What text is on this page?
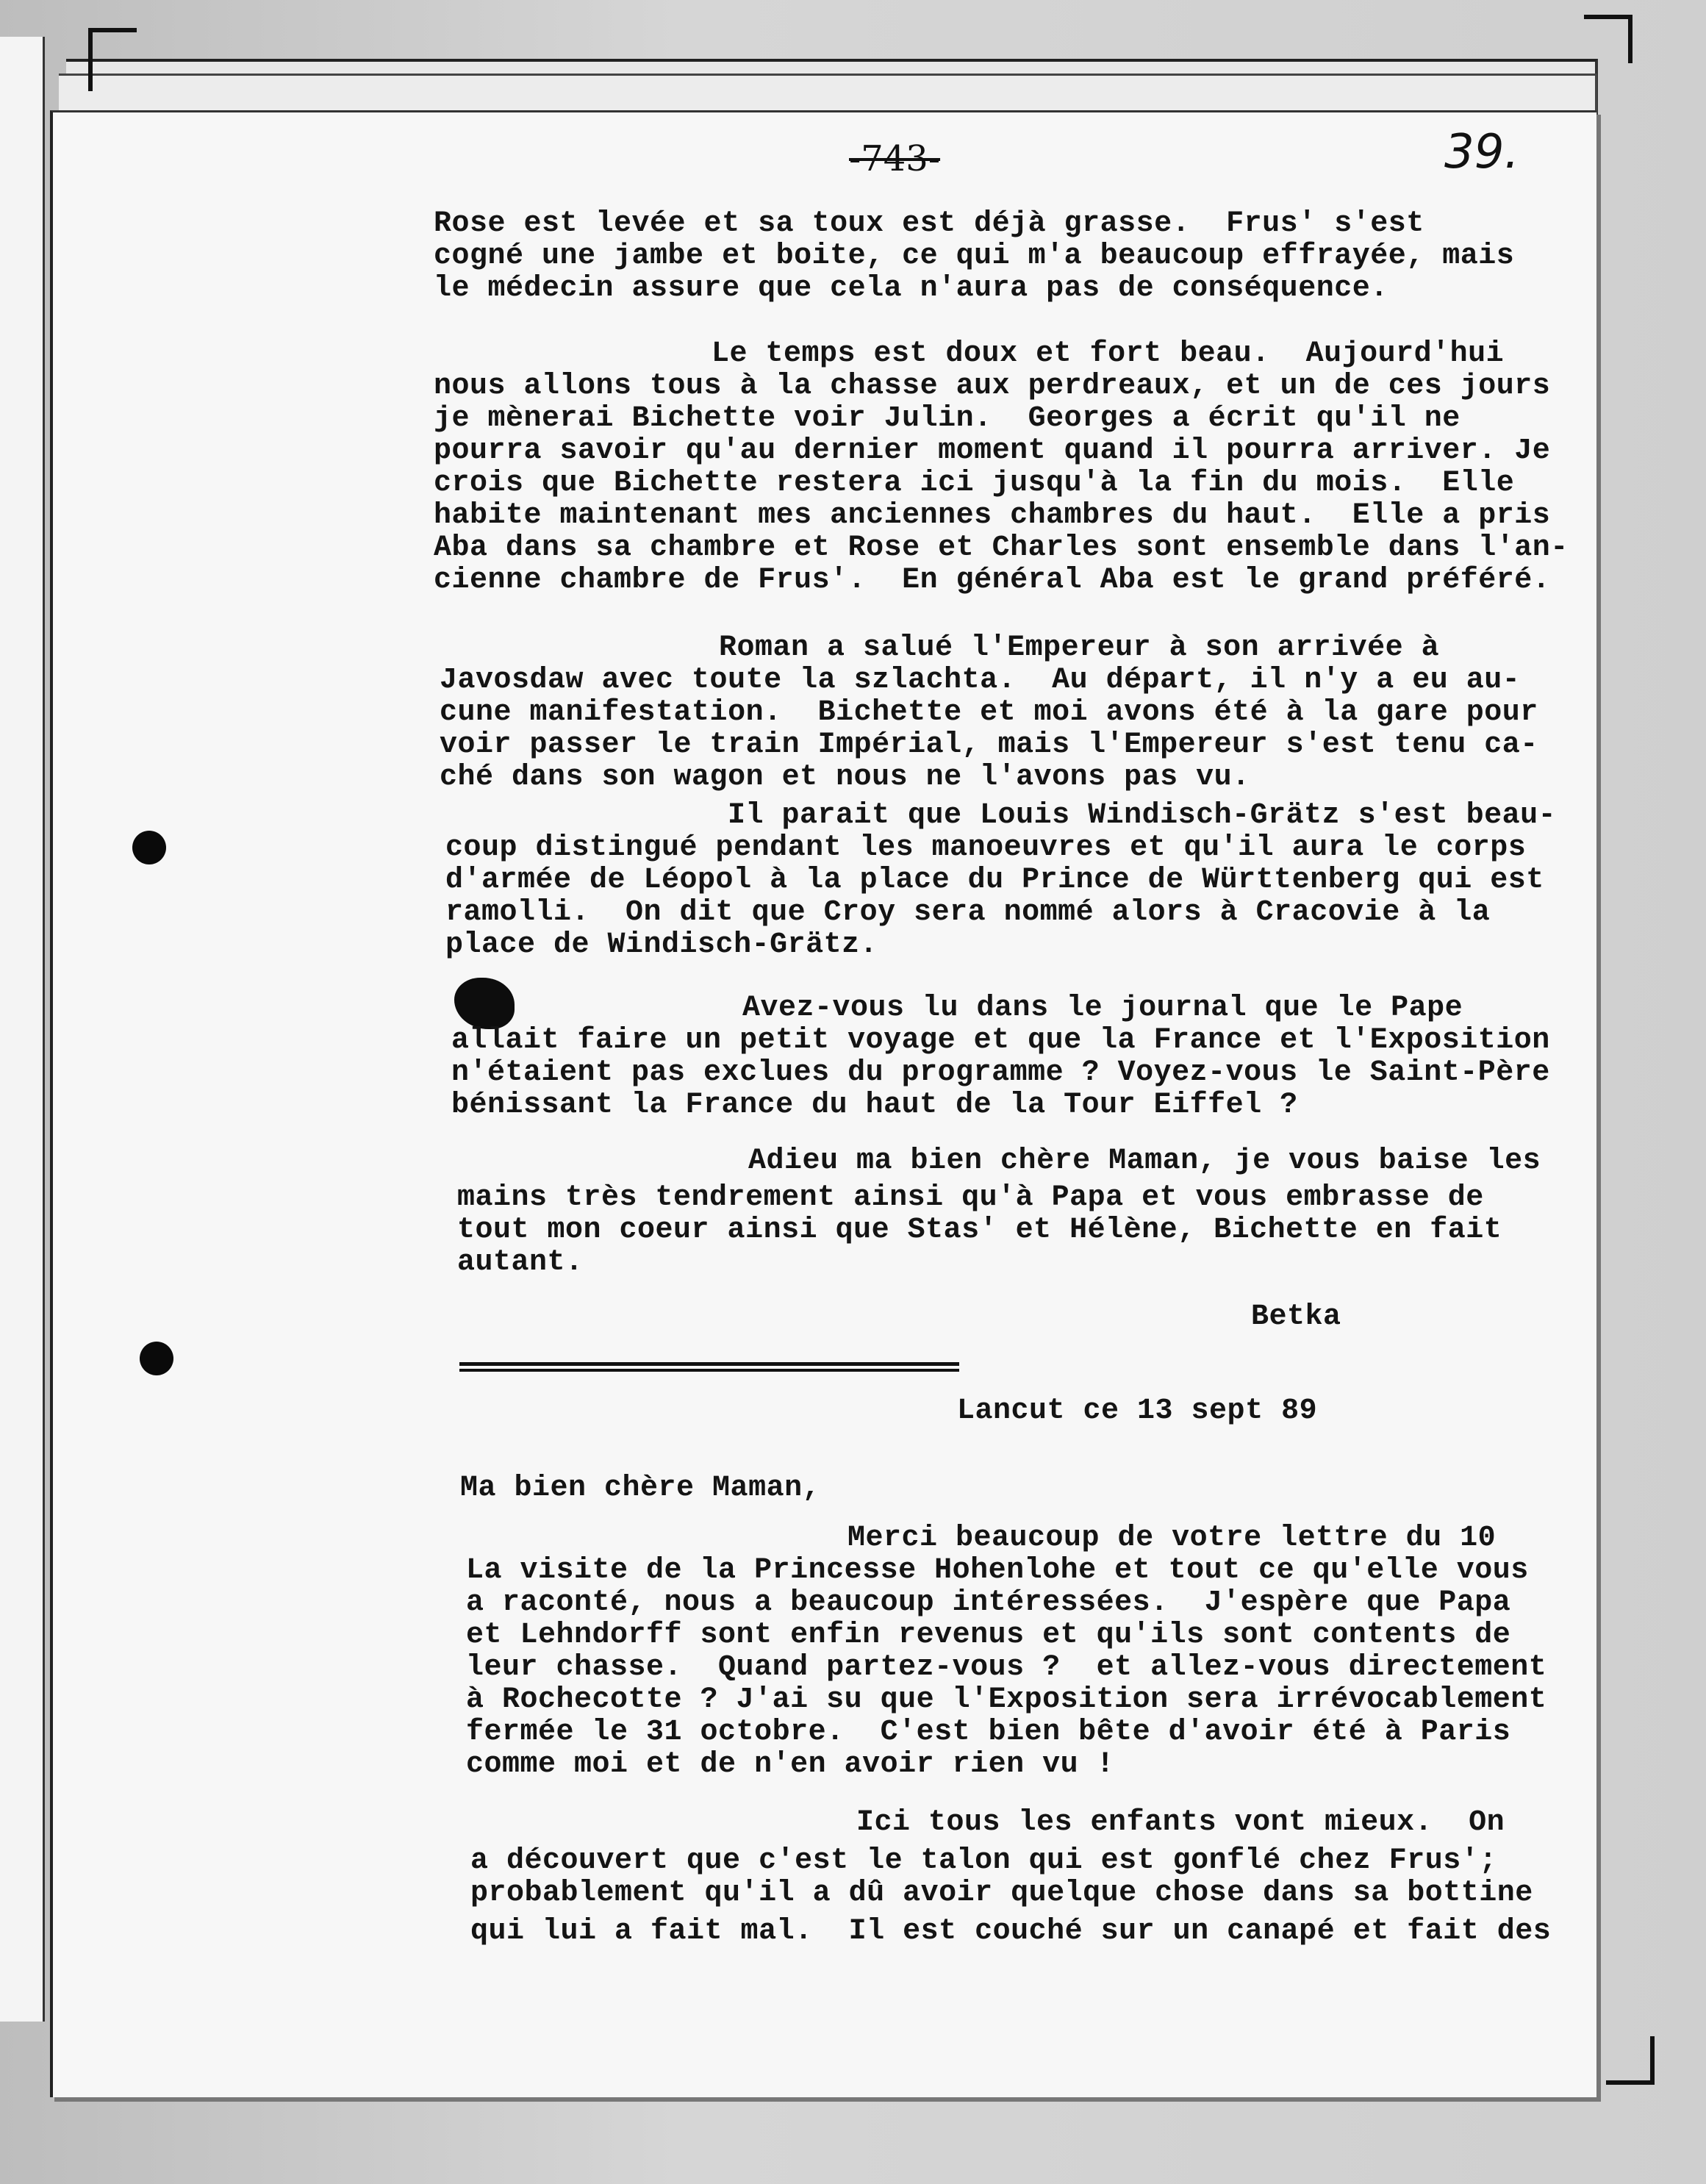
-743-	39.

Rose est levée et sa toux est déjà grasse.  Frus' s'est

cogné une jambe et boite, ce qui m'a beaucoup effrayée, mais

le médecin assure que cela n'aura pas de conséquence.

Le temps est doux et fort beau.  Aujourd'hui

nous allons tous à la chasse aux perdreaux, et un de ces jours

je mènerai Bichette voir Julin.  Georges a écrit qu'il ne

pourra savoir qu'au dernier moment quand il pourra arriver. Je

crois que Bichette restera ici jusqu'à la fin du mois.  Elle

habite maintenant mes anciennes chambres du haut.  Elle a pris

Aba dans sa chambre et Rose et Charles sont ensemble dans l'an-

cienne chambre de Frus'.  En général Aba est le grand préféré.

Roman a salué l'Empereur à son arrivée à

Javosdaw avec toute la szlachta.  Au départ, il n'y a eu au-

cune manifestation.  Bichette et moi avons été à la gare pour

voir passer le train Impérial, mais l'Empereur s'est tenu ca-

ché dans son wagon et nous ne l'avons pas vu.

Il parait que Louis Windisch-Grätz s'est beau-

coup distingué pendant les manoeuvres et qu'il aura le corps

d'armée de Léopol à la place du Prince de Württenberg qui est

ramolli.  On dit que Croy sera nommé alors à Cracovie à la

place de Windisch-Grätz.

Avez-vous lu dans le journal que le Pape

allait faire un petit voyage et que la France et l'Exposition

n'étaient pas exclues du programme ? Voyez-vous le Saint-Père

bénissant la France du haut de la Tour Eiffel ?

Adieu ma bien chère Maman, je vous baise les

mains très tendrement ainsi qu'à Papa et vous embrasse de

tout mon coeur ainsi que Stas' et Hélène, Bichette en fait

autant.

Betka

Lancut ce 13 sept 89

Ma bien chère Maman,

Merci beaucoup de votre lettre du 10

La visite de la Princesse Hohenlohe et tout ce qu'elle vous

a raconté, nous a beaucoup intéressées.  J'espère que Papa

et Lehndorff sont enfin revenus et qu'ils sont contents de

leur chasse.  Quand partez-vous ?  et allez-vous directement

à Rochecotte ? J'ai su que l'Exposition sera irrévocablement

fermée le 31 octobre.  C'est bien bête d'avoir été à Paris

comme moi et de n'en avoir rien vu !

Ici tous les enfants vont mieux.  On

a découvert que c'est le talon qui est gonflé chez Frus';

probablement qu'il a dû avoir quelque chose dans sa bottine

qui lui a fait mal.  Il est couché sur un canapé et fait des
